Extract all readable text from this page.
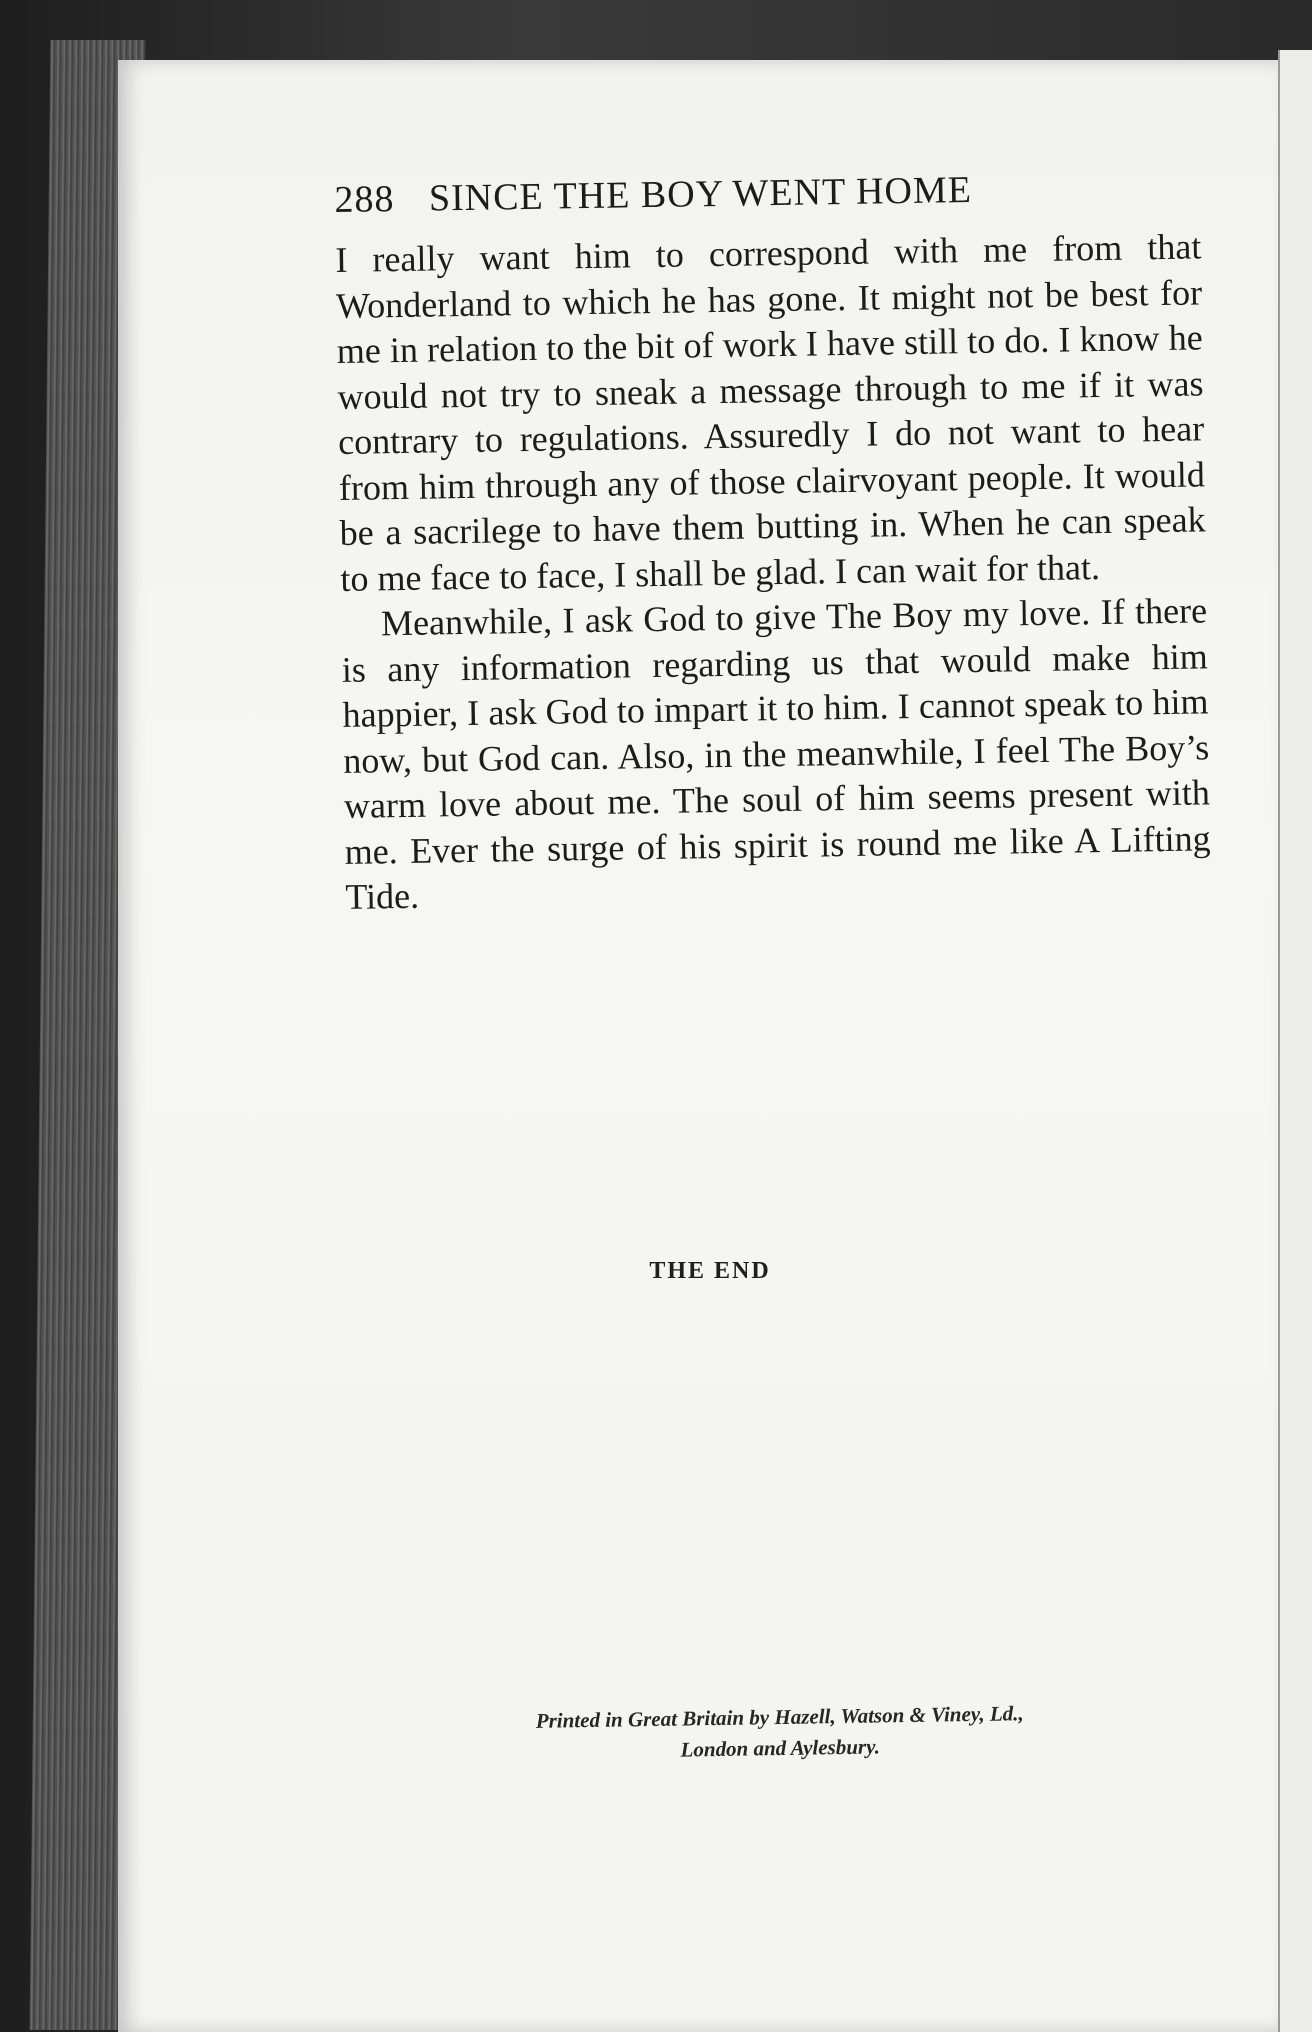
288 SINCE THE BOY WENT HOME

I really want him to correspond with me from that Wonderland to which he has gone. It might not be best for me in relation to the bit of work I have still to do. I know he would not try to sneak a message through to me if it was contrary to regulations. Assuredly I do not want to hear from him through any of those clairvoyant people. It would be a sacrilege to have them butting in. When he can speak to me face to face, I shall be glad. I can wait for that.

Meanwhile, I ask God to give The Boy my love. If there is any information regarding us that would make him happier, I ask God to impart it to him. I cannot speak to him now, but God can. Also, in the meanwhile, I feel The Boy’s warm love about me. The soul of him seems present with me. Ever the surge of his spirit is round me like A Lifting Tide.

THE END
Printed in Great Britain by Hazell, Watson & Viney, Ld.,
London and Aylesbury.
